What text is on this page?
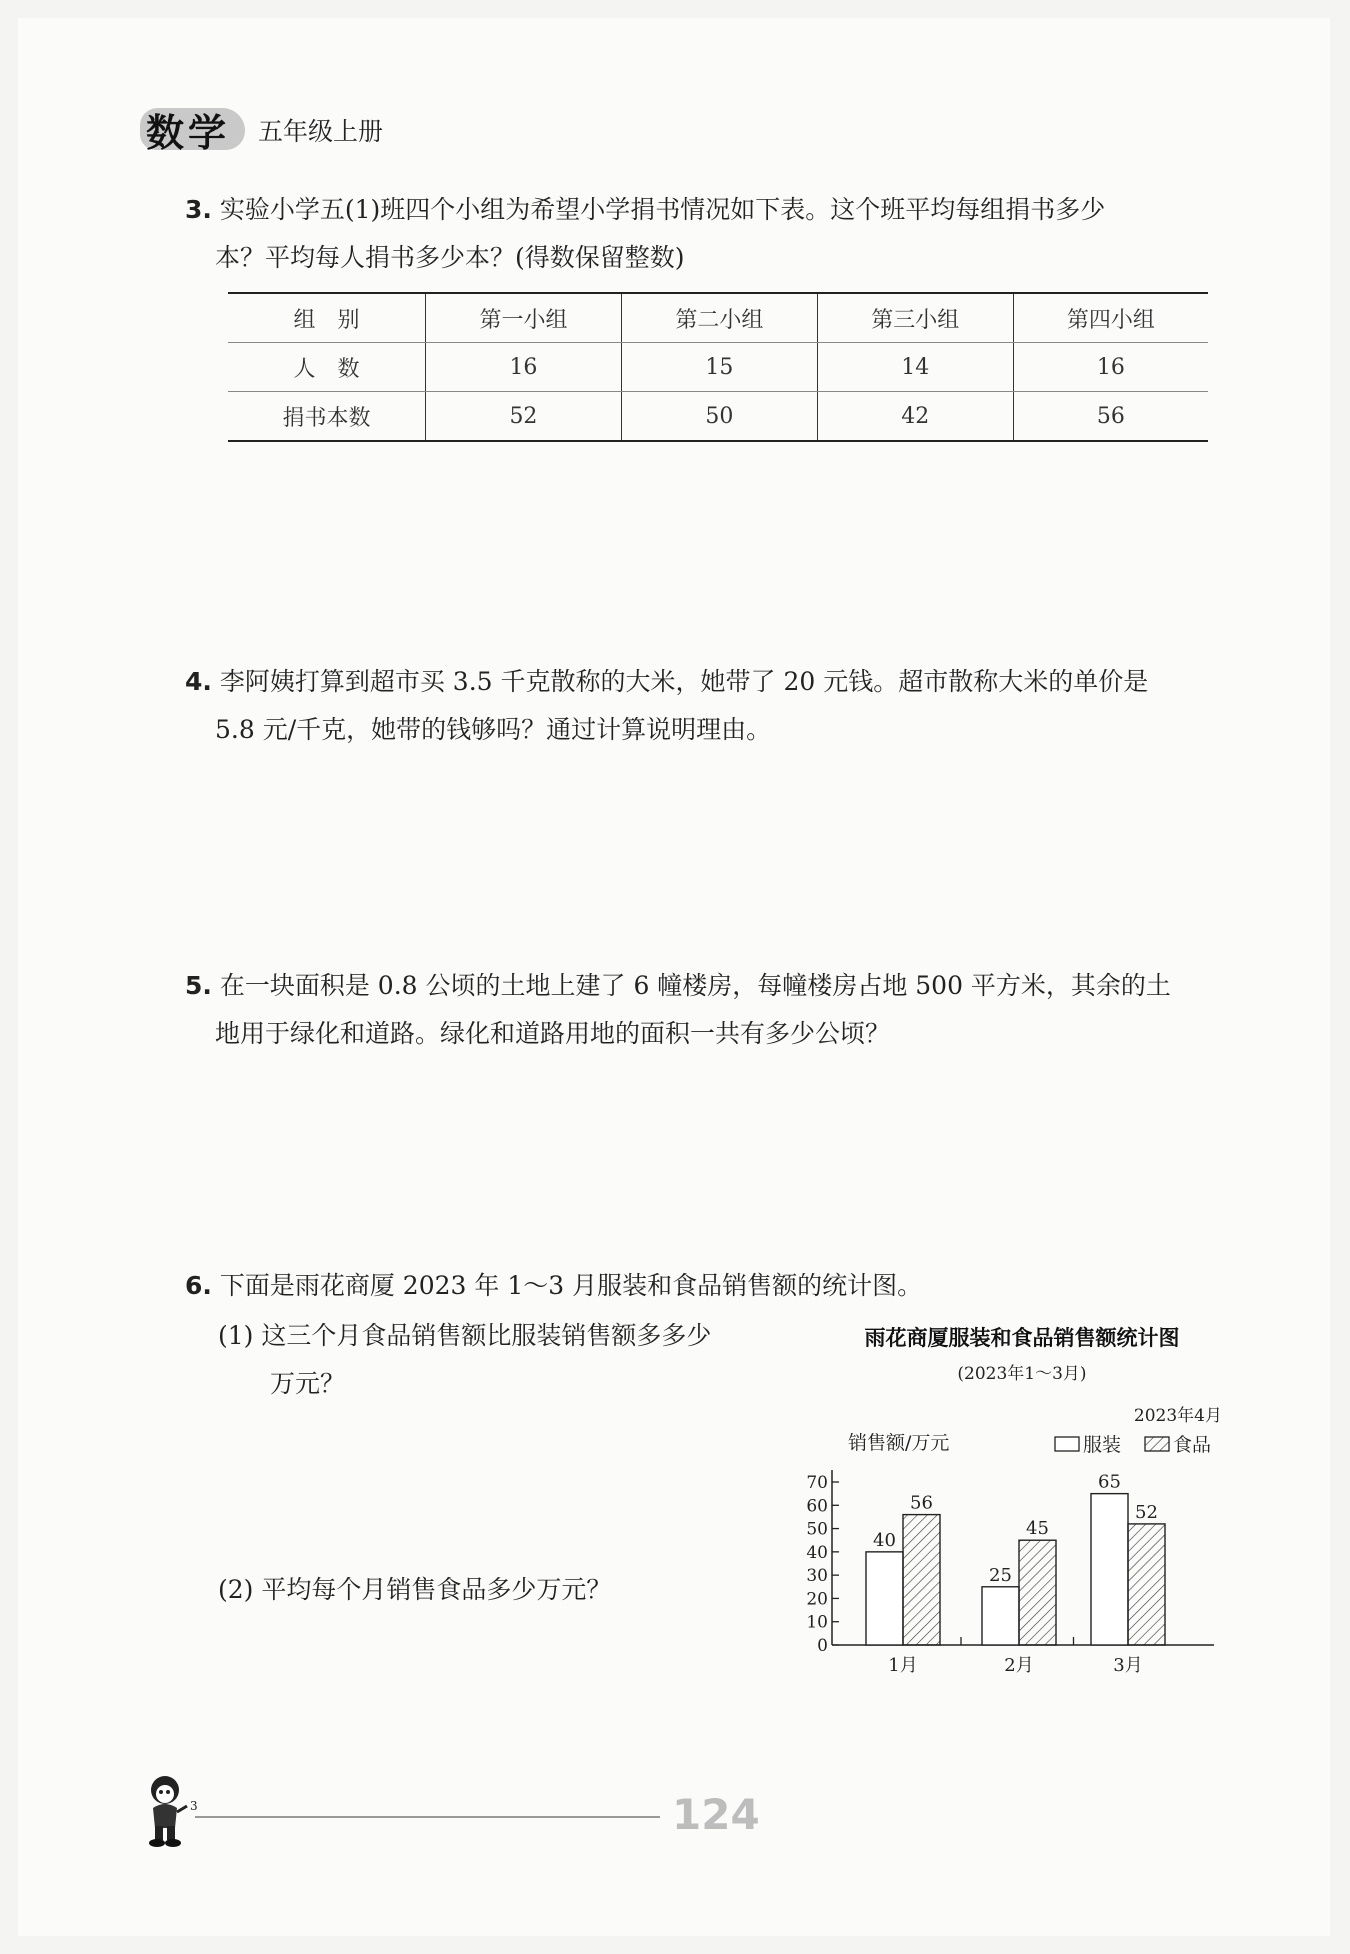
数学 五年级上册
3. 实验小学五(1)班四个小组为希望小学捐书情况如下表。这个班平均每组捐书多少
本？平均每人捐书多少本？(得数保留整数)
组　别	第一小组	第二小组	第三小组	第四小组
人　数	16	15	14	16
捐书本数	52	50	42	56
4. 李阿姨打算到超市买 3.5 千克散称的大米，她带了 20 元钱。超市散称大米的单价是
5.8 元/千克，她带的钱够吗？通过计算说明理由。
5. 在一块面积是 0.8 公顷的土地上建了 6 幢楼房，每幢楼房占地 500 平方米，其余的土
地用于绿化和道路。绿化和道路用地的面积一共有多少公顷？
6. 下面是雨花商厦 2023 年 1～3 月服装和食品销售额的统计图。
(1) 这三个月食品销售额比服装销售额多多少
万元？
(2) 平均每个月销售食品多少万元？
雨花商厦服装和食品销售额统计图
(2023年1～3月)
2023年4月
销售额/万元	服装	食品
0
10
20
30
40
50
60
70
40
56
1月
25
45
2月
65
52
3月
3	124
